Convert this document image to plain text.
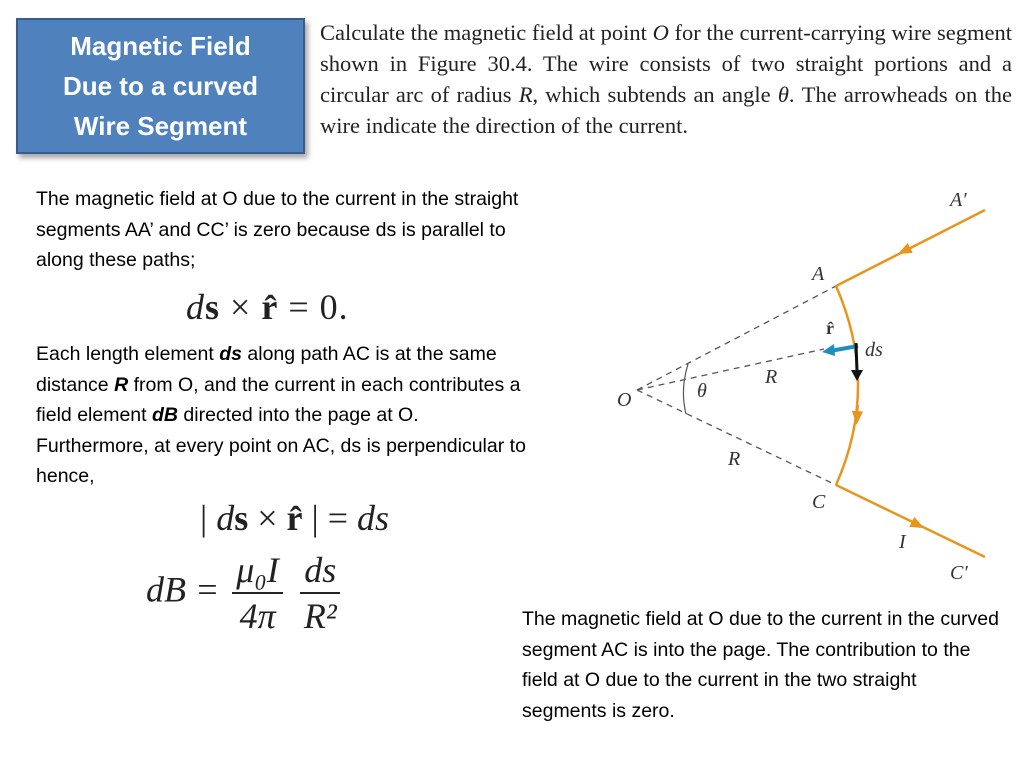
Magnetic Field
Due to a curved
Wire Segment
Calculate the magnetic field at point O for the current-carrying wire segment shown in Figure 30.4. The wire consists of two straight portions and a circular arc of radius R, which subtends an angle θ. The arrowheads on the wire indicate the direction of the current.
The magnetic field at O due to the current in the straight segments AA’ and CC’ is zero because ds is parallel to along these paths;
ds × r̂ = 0.
Each length element ds along path AC is at the same distance R from O, and the current in each contributes a field element dB directed into the page at O. Furthermore, at every point on AC, ds is perpendicular to hence,
| ds × r̂ | = ds
dB = $\frac{\text{μ₀I}}{4\pi}$
$\frac{ds}{\text{R²}}$	The magnetic field at O due to the current in the curved segment AC is into the page. The contribution to the field at O due to the current in the two straight segments is zero.
A′
A
r̂
ds
R
O	θ
R
C
I
C′
